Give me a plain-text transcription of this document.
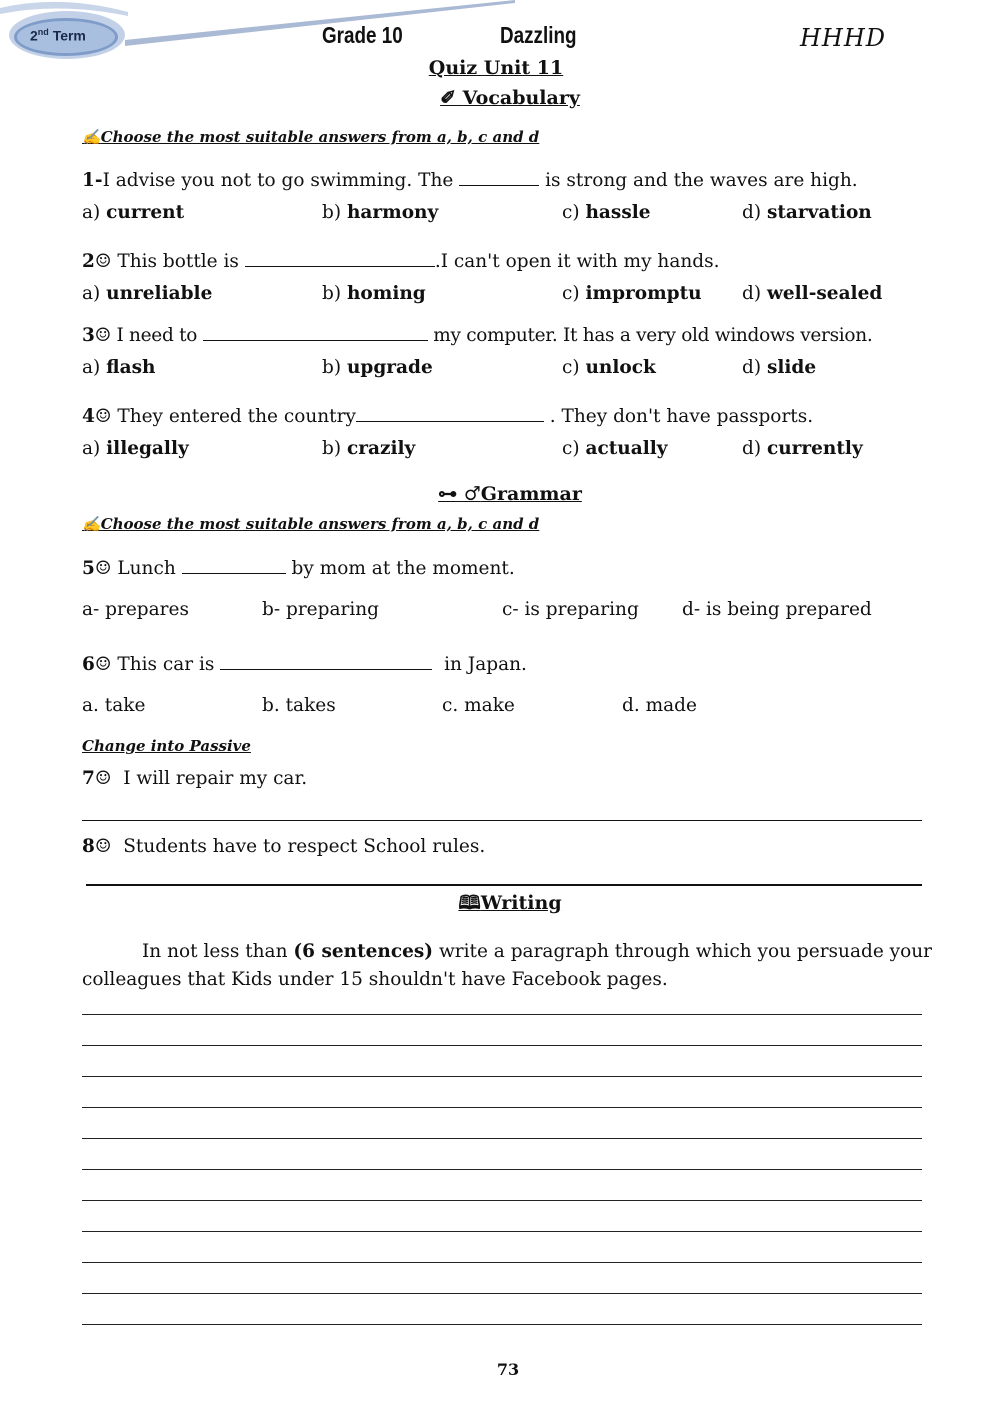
2nd Term	Grade 10	Dazzling	HHHD
Quiz Unit 11
✐ Vocabulary
✍Choose the most suitable answers from a, b, c and d
1-I advise you not to go swimming. The	is strong and the waves are high.
a) current	b) harmony	c) hassle	d) starvation
2☺ This bottle is	.I can't open it with my hands.
a) unreliable	b) homing	c) impromptu d) well-sealed
3☺ I need to	my computer. It has a very old windows version.
a) flash	b) upgrade	c) unlock	d) slide
4☺ They entered the country	. They don't have passports.
a) illegally	b) crazily	c) actually	d) currently
⊶ ♂Grammar
✍Choose the most suitable answers from a, b, c and d
5☺ Lunch	by mom at the moment.
a- prepares	b- preparing	c- is preparing d- is being prepared
6☺ This car is	in Japan.
a. take	b. takes	c. make	d. made
Change into Passive
7☺ I will repair my car.
8☺ Students have to respect School rules.
🕮Writing
In not less than (6 sentences) write a paragraph through which you persuade your colleagues that Kids under 15 shouldn't have Facebook pages.
73
